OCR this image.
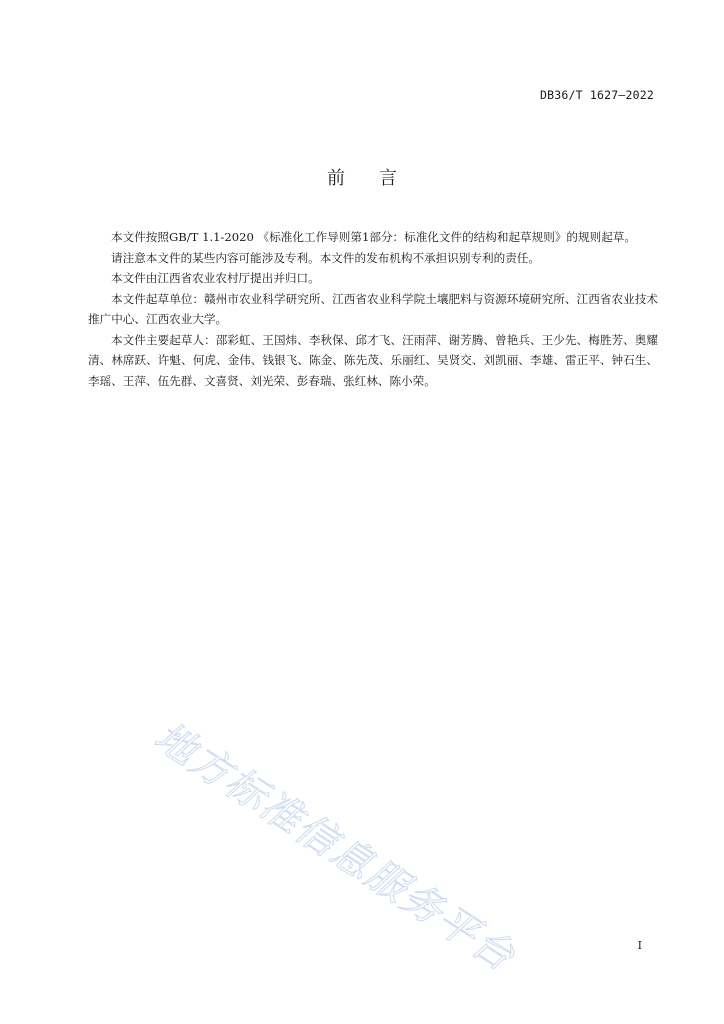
DB36/T 1627—2022
前言

本文件按照GB/T 1.1-2020 《标准化工作导则第1部分：标准化文件的结构和起草规则》的规则起草。

请注意本文件的某些内容可能涉及专利。本文件的发布机构不承担识别专利的责任。

本文件由江西省农业农村厅提出并归口。

本文件起草单位：赣州市农业科学研究所、江西省农业科学院土壤肥料与资源环境研究所、江西省农业技术推广中心、江西农业大学。

本文件主要起草人：邵彩虹、王国炜、李秋保、邱才飞、汪雨萍、谢芳腾、曾艳兵、王少先、梅胜芳、奥耀清、林席跃、许魁、何虎、金伟、钱银飞、陈金、陈先茂、乐丽红、吴贤交、刘凯丽、李雄、雷正平、钟石生、李瑶、王萍、伍先群、文喜贤、刘光荣、彭春瑞、张红林、陈小荣。

地方标准信息服务平台	I
